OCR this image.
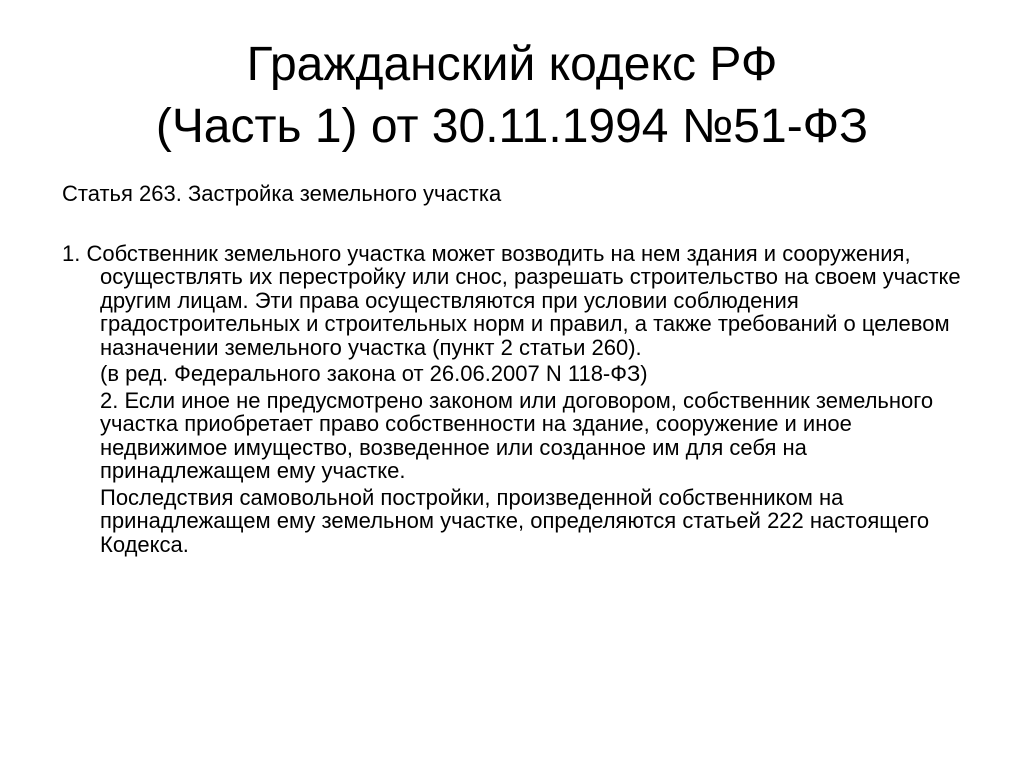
Гражданский кодекс РФ
(Часть 1) от 30.11.1994 №51-ФЗ

Статья 263. Застройка земельного участка

1. Собственник земельного участка может возводить на нем здания и сооружения, осуществлять их перестройку или снос, разрешать строительство на своем участке другим лицам. Эти права осуществляются при условии соблюдения градостроительных и строительных норм и правил, а также требований о целевом назначении земельного участка (пункт 2 статьи 260).

(в ред. Федерального закона от 26.06.2007 N 118-ФЗ)

2. Если иное не предусмотрено законом или договором, собственник земельного участка приобретает право собственности на здание, сооружение и иное недвижимое имущество, возведенное или созданное им для себя на принадлежащем ему участке.

Последствия самовольной постройки, произведенной собственником на принадлежащем ему земельном участке, определяются статьей 222 настоящего Кодекса.
